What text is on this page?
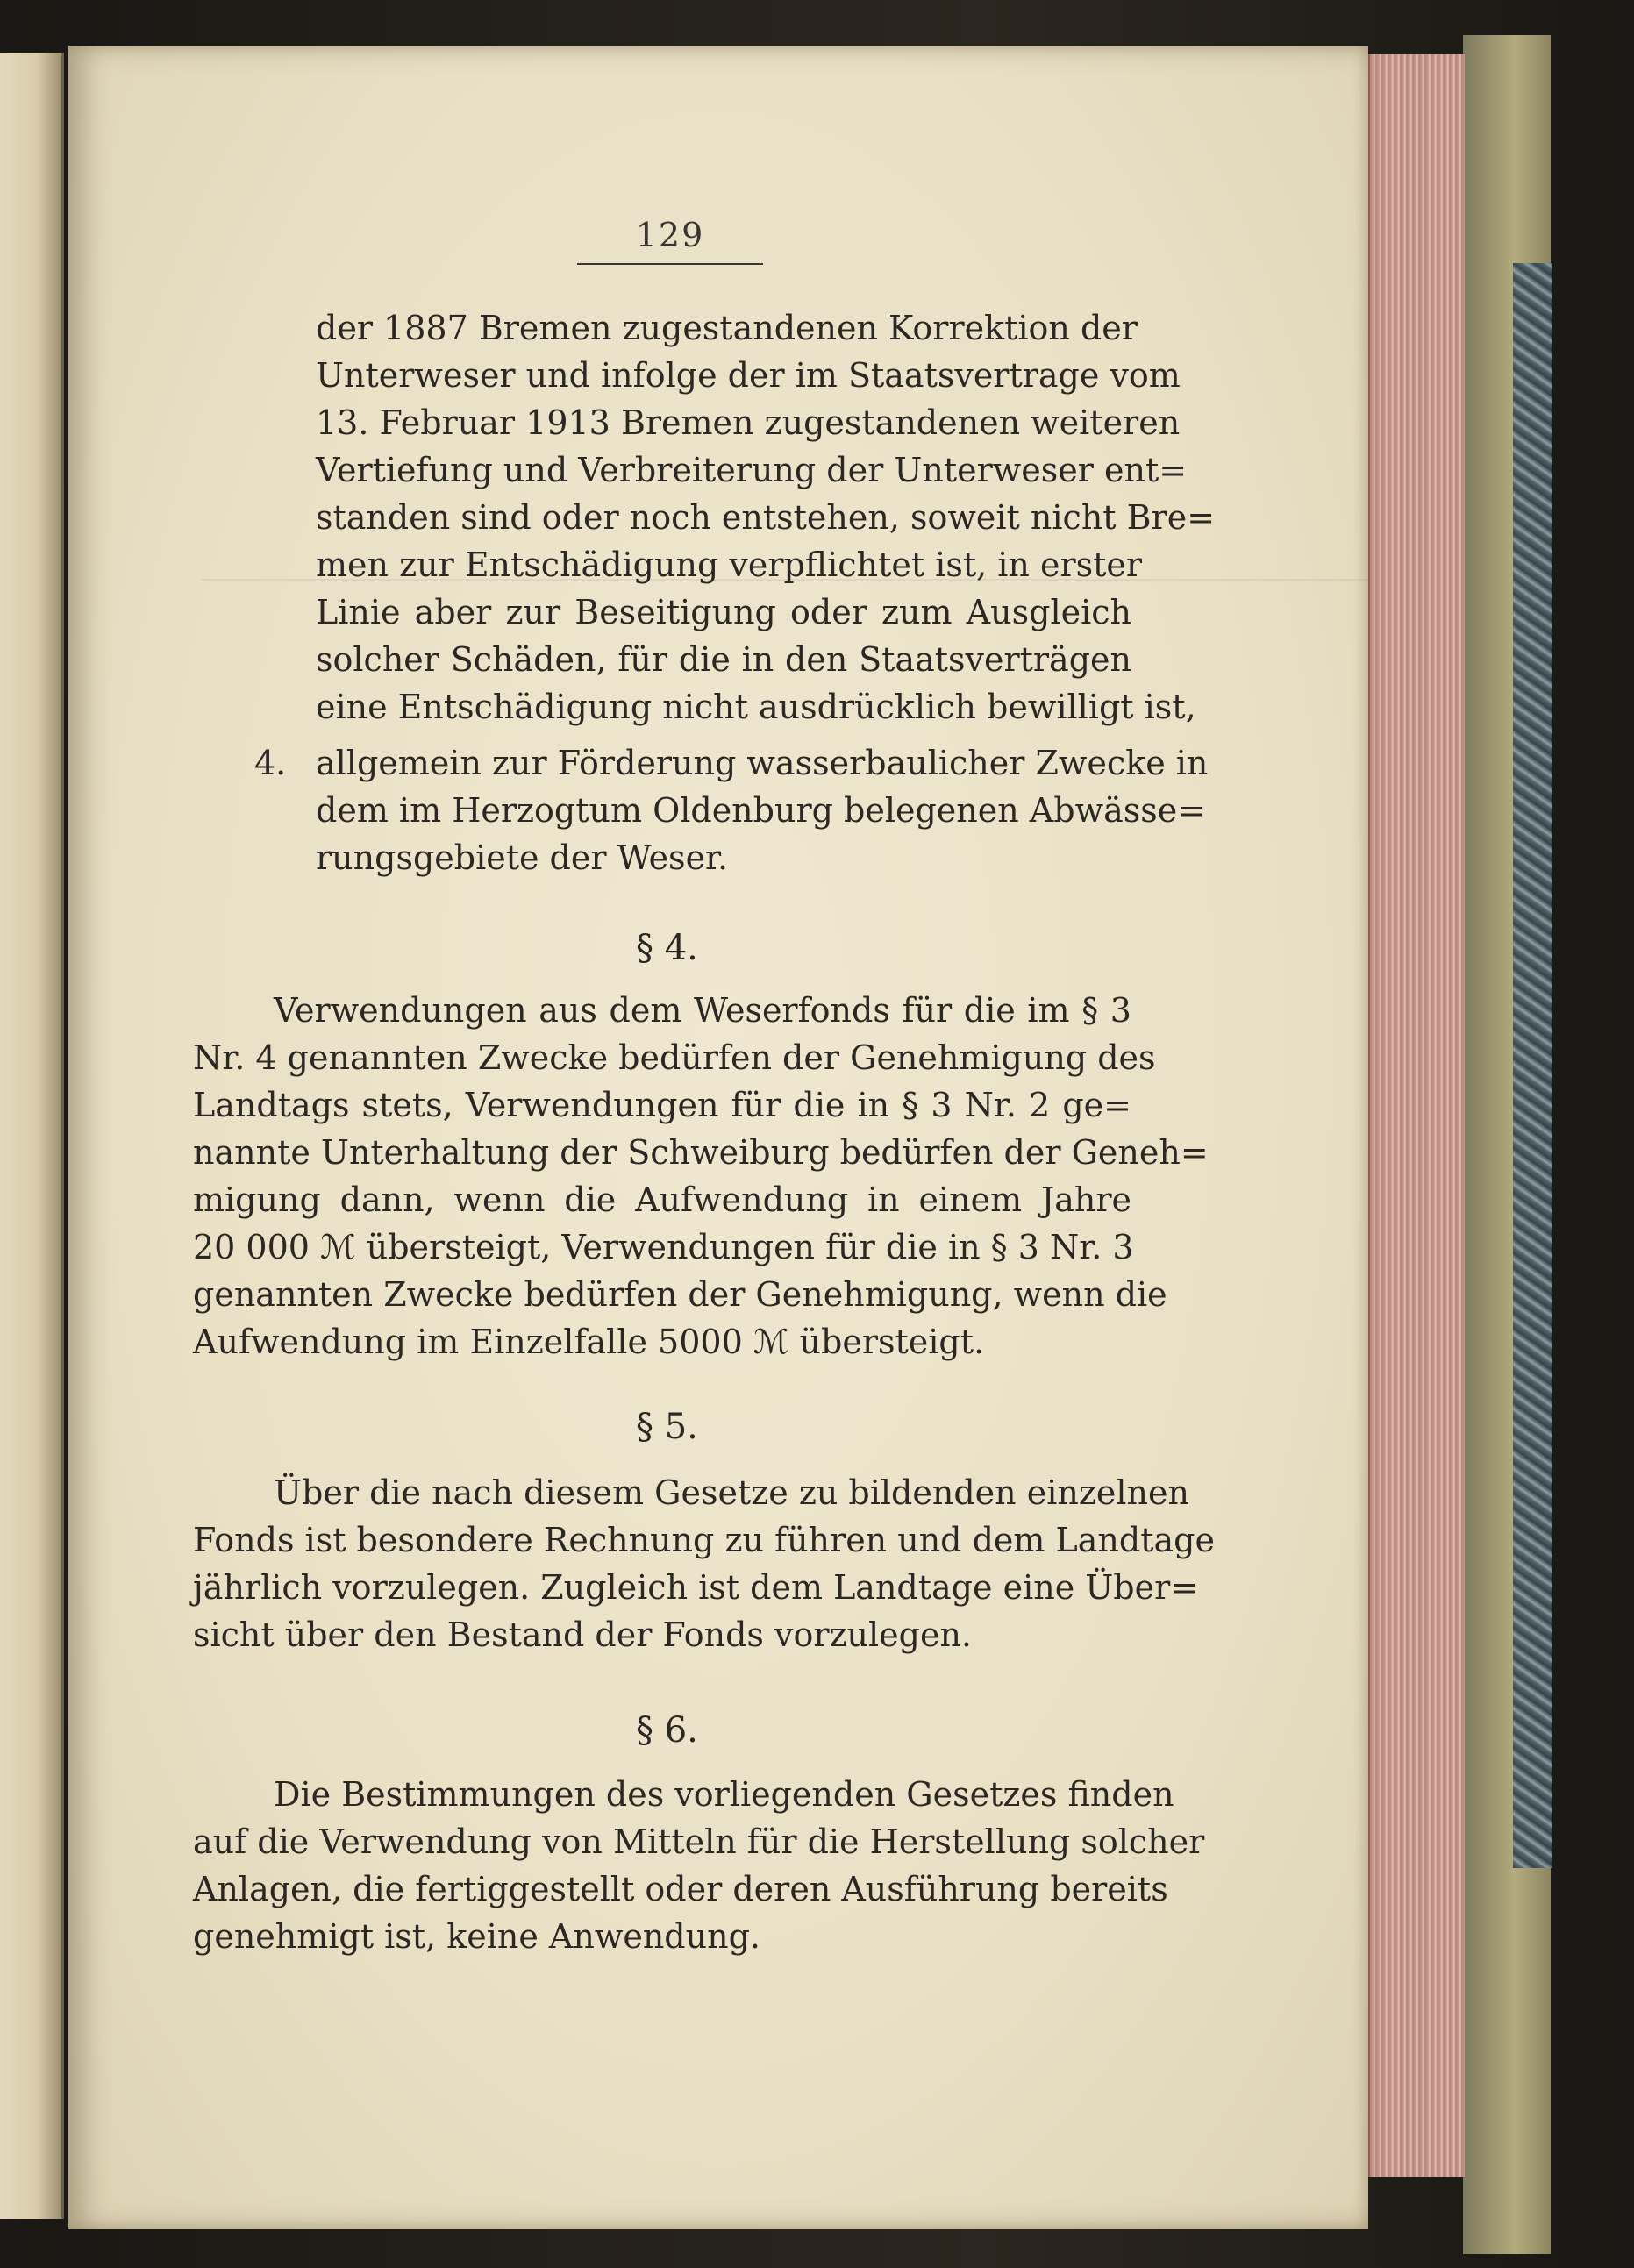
129
der 1887 Bremen zugestandenen Korrektion der
Unterweser und infolge der im Staatsvertrage vom
13. Februar 1913 Bremen zugestandenen weiteren
Vertiefung und Verbreiterung der Unterweser ent=
standen sind oder noch entstehen, soweit nicht Bre=
men zur Entschädigung verpflichtet ist, in erster
Linie aber zur Beseitigung oder zum Ausgleich
solcher Schäden, für die in den Staatsverträgen
eine Entschädigung nicht ausdrücklich bewilligt ist,
4. allgemein zur Förderung wasserbaulicher Zwecke in
dem im Herzogtum Oldenburg belegenen Abwässe=
rungsgebiete der Weser.
§ 4.
Verwendungen aus dem Weserfonds für die im § 3
Nr. 4 genannten Zwecke bedürfen der Genehmigung des
Landtags stets, Verwendungen für die in § 3 Nr. 2 ge=
nannte Unterhaltung der Schweiburg bedürfen der Geneh=
migung dann, wenn die Aufwendung in einem Jahre
20 000 ℳ übersteigt, Verwendungen für die in § 3 Nr. 3
genannten Zwecke bedürfen der Genehmigung, wenn die
Aufwendung im Einzelfalle 5000 ℳ übersteigt.
§ 5.
Über die nach diesem Gesetze zu bildenden einzelnen
Fonds ist besondere Rechnung zu führen und dem Landtage
jährlich vorzulegen. Zugleich ist dem Landtage eine Über=
sicht über den Bestand der Fonds vorzulegen.
§ 6.
Die Bestimmungen des vorliegenden Gesetzes finden
auf die Verwendung von Mitteln für die Herstellung solcher
Anlagen, die fertiggestellt oder deren Ausführung bereits
genehmigt ist, keine Anwendung.
